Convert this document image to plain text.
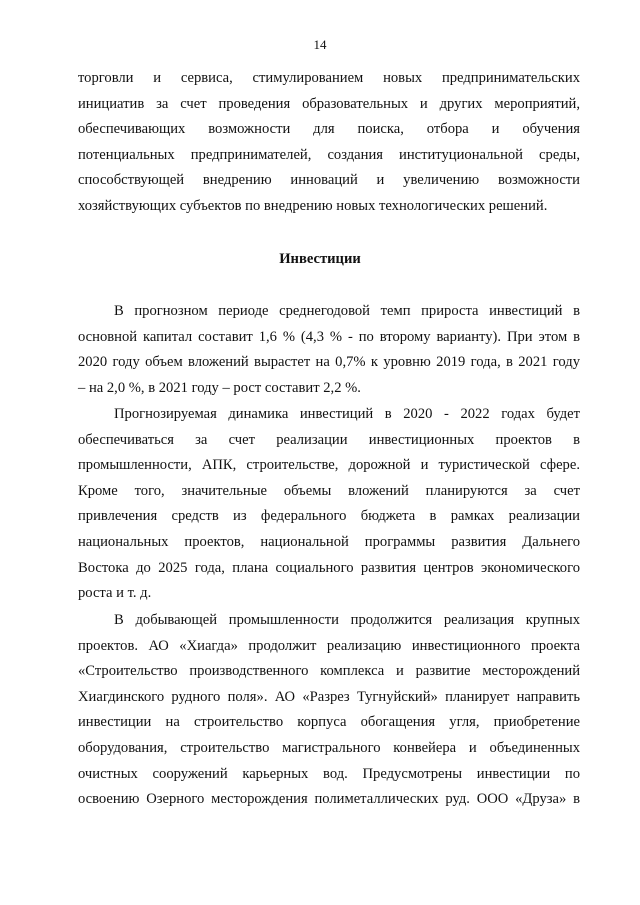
14
торговли и сервиса, стимулированием новых предпринимательских
инициатив за счет проведения образовательных и других мероприятий,
обеспечивающих возможности для поиска, отбора и обучения
потенциальных предпринимателей, создания институциональной среды,
способствующей внедрению инноваций и увеличению возможности
хозяйствующих субъектов по внедрению новых технологических решений.
Инвестиции
В прогнозном периоде среднегодовой темп прироста инвестиций в
основной капитал составит 1,6 % (4,3 % - по второму варианту). При этом в
2020 году объем вложений вырастет на 0,7% к уровню 2019 года, в 2021 году
– на 2,0 %, в 2021 году – рост составит 2,2 %.
Прогнозируемая динамика инвестиций в 2020 - 2022 годах будет
обеспечиваться за счет реализации инвестиционных проектов в
промышленности, АПК, строительстве, дорожной и туристической сфере.
Кроме того, значительные объемы вложений планируются за счет
привлечения средств из федерального бюджета в рамках реализации
национальных проектов, национальной программы развития Дальнего
Востока до 2025 года, плана социального развития центров экономического
роста и т. д.
В добывающей промышленности продолжится реализация крупных
проектов. АО «Хиагда» продолжит реализацию инвестиционного проекта
«Строительство производственного комплекса и развитие месторождений
Хиагдинского рудного поля». АО «Разрез Тугнуйский» планирует направить
инвестиции на строительство корпуса обогащения угля, приобретение
оборудования, строительство магистрального конвейера и объединенных
очистных сооружений карьерных вод. Предусмотрены инвестиции по
освоению Озерного месторождения полиметаллических руд. ООО «Друза» в
